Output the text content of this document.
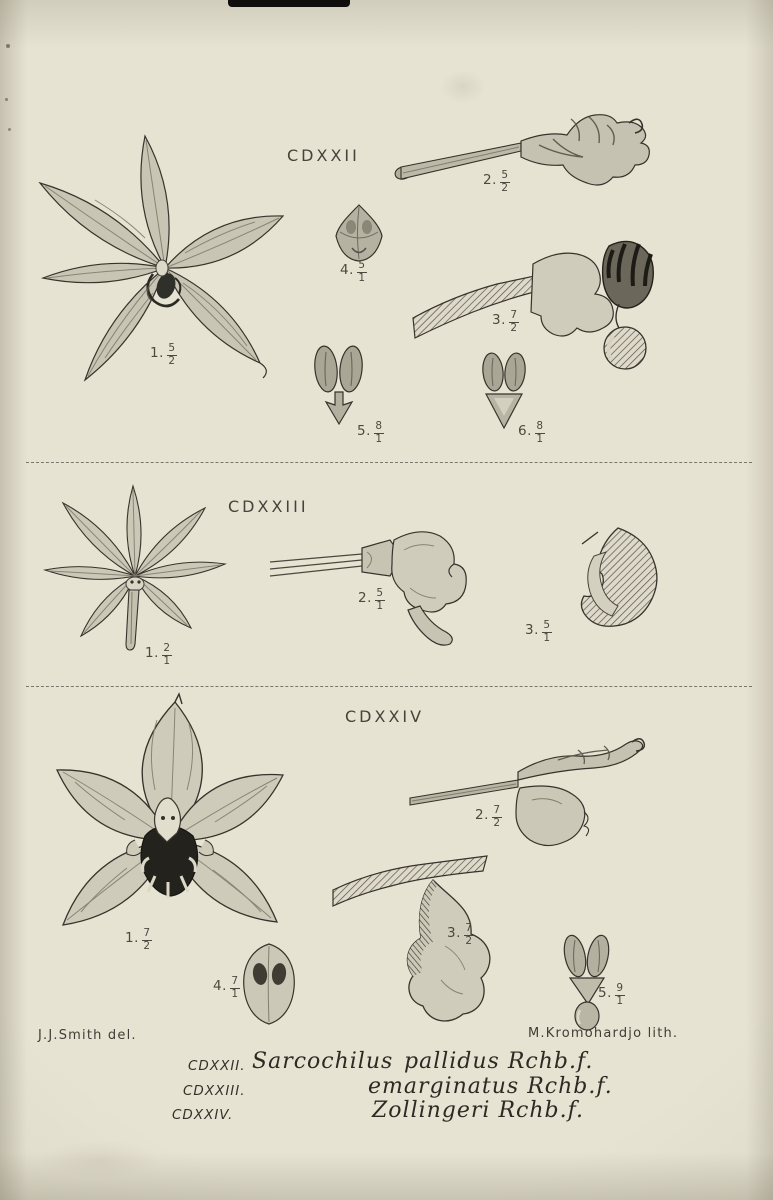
CDXXII
1. $\frac{5}{2}$
2. $\frac{5}{2}$
4. $\frac{5}{1}$
3. $\frac{7}{2}$
5. $\frac{8}{1}$	6. $\frac{8}{1}$
CDXXIII
1. $\frac{2}{1}$
2. $\frac{5}{1}$
3. $\frac{5}{1}$
CDXXIV
1. $\frac{7}{2}$
2. $\frac{7}{2}$
3. $\frac{7}{2}$
4. $\frac{7}{1}$	5. $\frac{9}{1}$
J.J.Smith del.	M.Kromohardjo lith.
CDXXII. Sarcochilus pallidus Rchb.f.
CDXXIII.	emarginatus Rchb.f.
CDXXIV.	Zollingeri Rchb.f.
